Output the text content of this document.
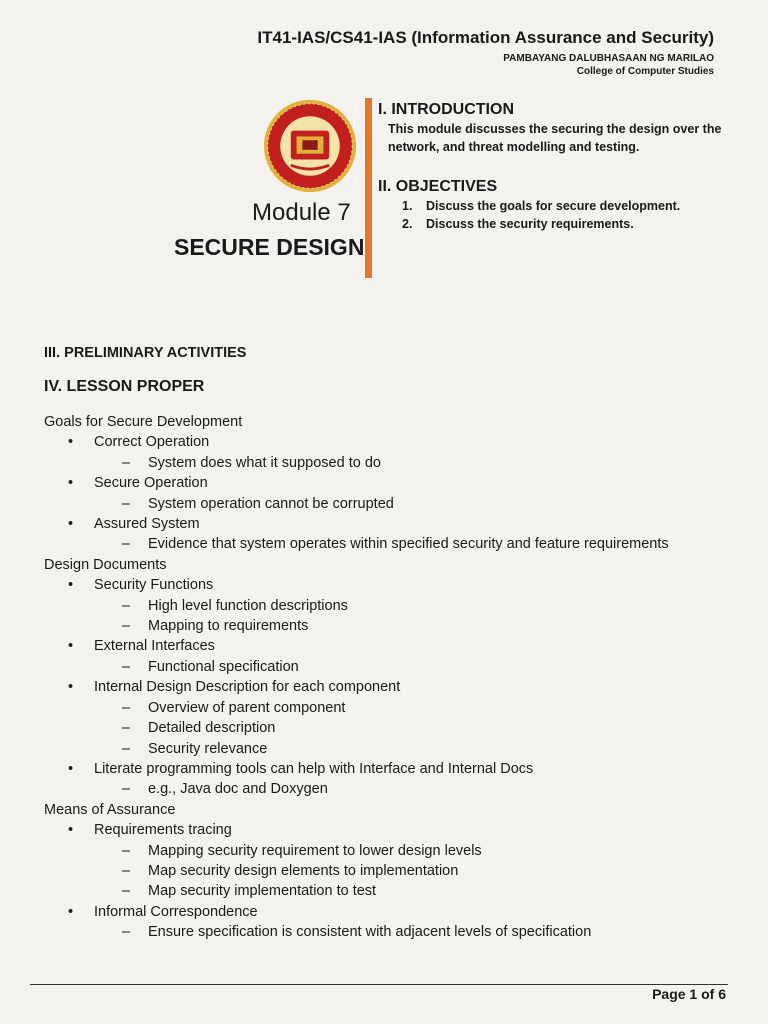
IT41-IAS/CS41-IAS (Information Assurance and Security)
PAMBAYANG DALUBHASAAN NG MARILAO
College of Computer Studies
Module 7
SECURE DESIGN
I. INTRODUCTION
This module discusses the securing the design over the network, and threat modelling and testing.
II. OBJECTIVES
1. Discuss the goals for secure development.
2. Discuss the security requirements.
III. PRELIMINARY ACTIVITIES
IV. LESSON PROPER
Goals for Secure Development
• Correct Operation
– System does what it supposed to do
• Secure Operation
– System operation cannot be corrupted
• Assured System
– Evidence that system operates within specified security and feature requirements
Design Documents
• Security Functions
– High level function descriptions
– Mapping to requirements
• External Interfaces
– Functional specification
• Internal Design Description for each component
– Overview of parent component
– Detailed description
– Security relevance
• Literate programming tools can help with Interface and Internal Docs
– e.g., Java doc and Doxygen
Means of Assurance
• Requirements tracing
– Mapping security requirement to lower design levels
– Map security design elements to implementation
– Map security implementation to test
• Informal Correspondence
– Ensure specification is consistent with adjacent levels of specification
Page 1 of 6
